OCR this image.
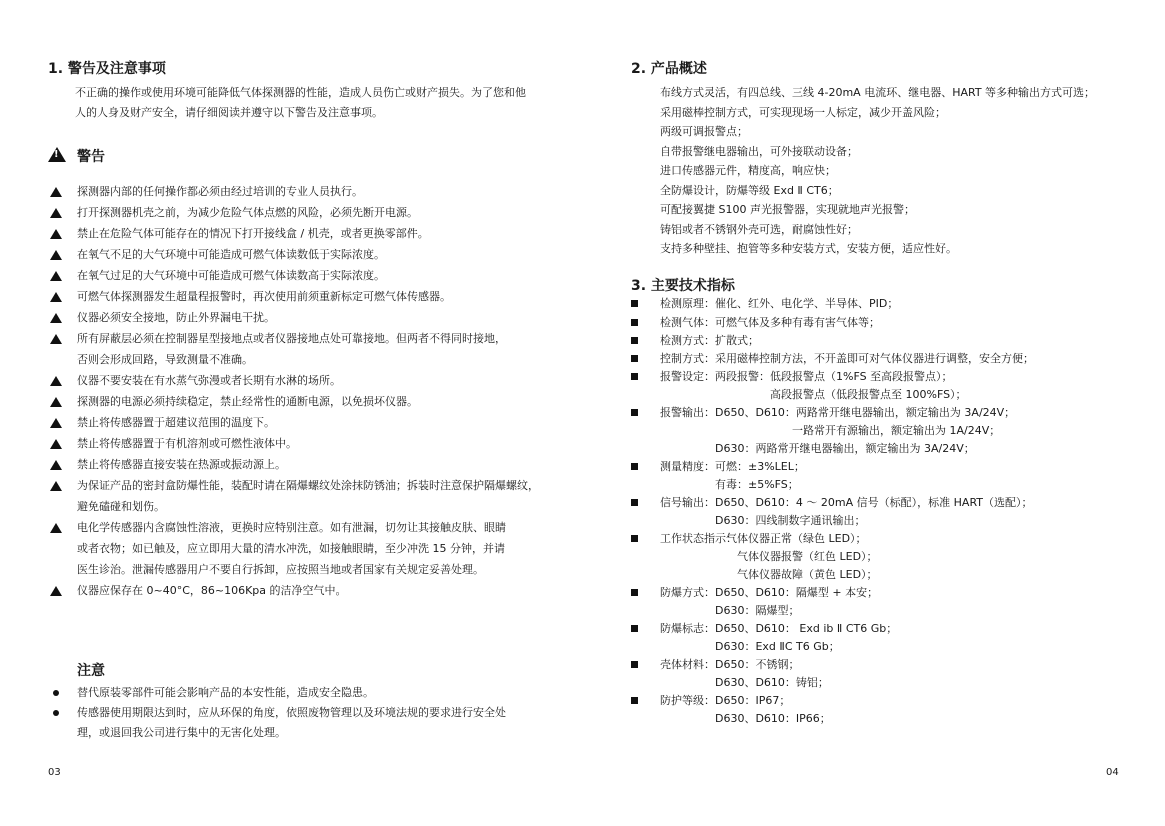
1. 警告及注意事项
不正确的操作或使用环境可能降低气体探测器的性能，造成人员伤亡或财产损失。为了您和他
人的人身及财产安全，请仔细阅读并遵守以下警告及注意事项。
!
警告
注意
03
2. 产品概述
3. 主要技术指标
04
探测器内部的任何操作都必须由经过培训的专业人员执行。
打开探测器机壳之前，为减少危险气体点燃的风险，必须先断开电源。
禁止在危险气体可能存在的情况下打开接线盒 / 机壳，或者更换零部件。
在氧气不足的大气环境中可能造成可燃气体读数低于实际浓度。
在氧气过足的大气环境中可能造成可燃气体读数高于实际浓度。
可燃气体探测器发生超量程报警时，再次使用前须重新标定可燃气体传感器。
仪器必须安全接地，防止外界漏电干扰。
所有屏蔽层必须在控制器星型接地点或者仪器接地点处可靠接地。但两者不得同时接地，
否则会形成回路，导致测量不准确。
仪器不要安装在有水蒸气弥漫或者长期有水淋的场所。
探测器的电源必须持续稳定，禁止经常性的通断电源，以免损坏仪器。
禁止将传感器置于超建议范围的温度下。
禁止将传感器置于有机溶剂或可燃性液体中。
禁止将传感器直接安装在热源或振动源上。
为保证产品的密封盒防爆性能，装配时请在隔爆螺纹处涂抹防锈油；拆装时注意保护隔爆螺纹，
避免磕碰和划伤。
电化学传感器内含腐蚀性溶液，更换时应特别注意。如有泄漏，切勿让其接触皮肤、眼睛
或者衣物；如已触及，应立即用大量的清水冲洗，如接触眼睛，至少冲洗 15 分钟，并请
医生诊治。泄漏传感器用户不要自行拆卸，应按照当地或者国家有关规定妥善处理。
仪器应保存在 0~40°C，86~106Kpa 的洁净空气中。
替代原装零部件可能会影响产品的本安性能，造成安全隐患。
传感器使用期限达到时，应从环保的角度，依照废物管理以及环境法规的要求进行安全处
理，或退回我公司进行集中的无害化处理。
布线方式灵活，有四总线、三线 4-20mA 电流环、继电器、HART 等多种输出方式可选；
采用磁棒控制方式，可实现现场一人标定，减少开盖风险；
两级可调报警点；
自带报警继电器输出，可外接联动设备；
进口传感器元件，精度高，响应快；
全防爆设计，防爆等级 Exd Ⅱ CT6；
可配接翼捷 S100 声光报警器，实现就地声光报警；
铸铝或者不锈钢外壳可选，耐腐蚀性好；
支持多种壁挂、抱管等多种安装方式，安装方便，适应性好。
检测原理： 催化、红外、电化学、半导体、PID；
检测气体： 可燃气体及多种有毒有害气体等；
检测方式： 扩散式；
控制方式： 采用磁棒控制方法，不开盖即可对气体仪器进行调整，安全方便；
报警设定： 两段报警：低段报警点（1%FS 至高段报警点）；
高段报警点（低段报警点至 100%FS）；
报警输出： D650、D610：两路常开继电器输出，额定输出为 3A/24V；
一路常开有源输出，额定输出为 1A/24V；
D630：两路常开继电器输出，额定输出为 3A/24V；
测量精度： 可燃：±3%LEL；
有毒：±5%FS；
信号输出： D650、D610：4 ～ 20mA 信号（标配），标准 HART（选配）；
D630：四线制数字通讯输出；
工作状态指示：
气体仪器正常（绿色 LED）；
气体仪器报警（红色 LED）；
气体仪器故障（黄色 LED）；
防爆方式： D650、D610：隔爆型 + 本安；
D630：隔爆型；
防爆标志： D650、D610： Exd ib Ⅱ CT6 Gb；
D630：Exd ⅡC T6 Gb；
壳体材料： D650：不锈钢；
D630、D610：铸铝；
防护等级： D650：IP67；
D630、D610：IP66；
